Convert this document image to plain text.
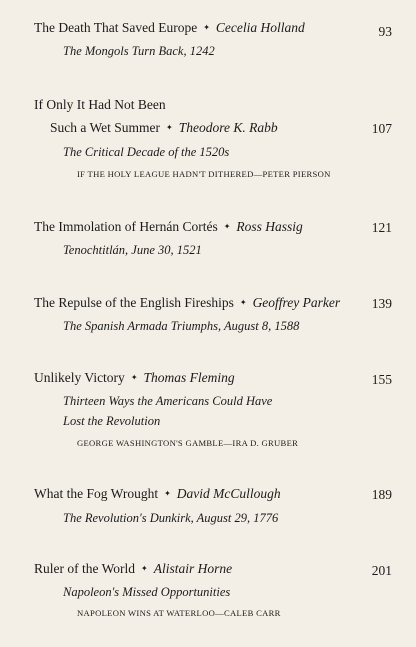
The Death That Saved Europe ✦ Cecelia Holland	93
The Mongols Turn Back, 1242
If Only It Had Not Been
Such a Wet Summer ✦ Theodore K. Rabb	107
The Critical Decade of the 1520s
IF THE HOLY LEAGUE HADN'T DITHERED—PETER PIERSON
The Immolation of Hernán Cortés ✦ Ross Hassig	121
Tenochtitlán, June 30, 1521
The Repulse of the English Fireships ✦ Geoffrey Parker 139
The Spanish Armada Triumphs, August 8, 1588
Unlikely Victory ✦ Thomas Fleming	155
Thirteen Ways the Americans Could Have
Lost the Revolution
GEORGE WASHINGTON'S GAMBLE—IRA D. GRUBER
What the Fog Wrought ✦ David McCullough	189
The Revolution's Dunkirk, August 29, 1776
Ruler of the World ✦ Alistair Horne	201
Napoleon's Missed Opportunities
NAPOLEON WINS AT WATERLOO—CALEB CARR
